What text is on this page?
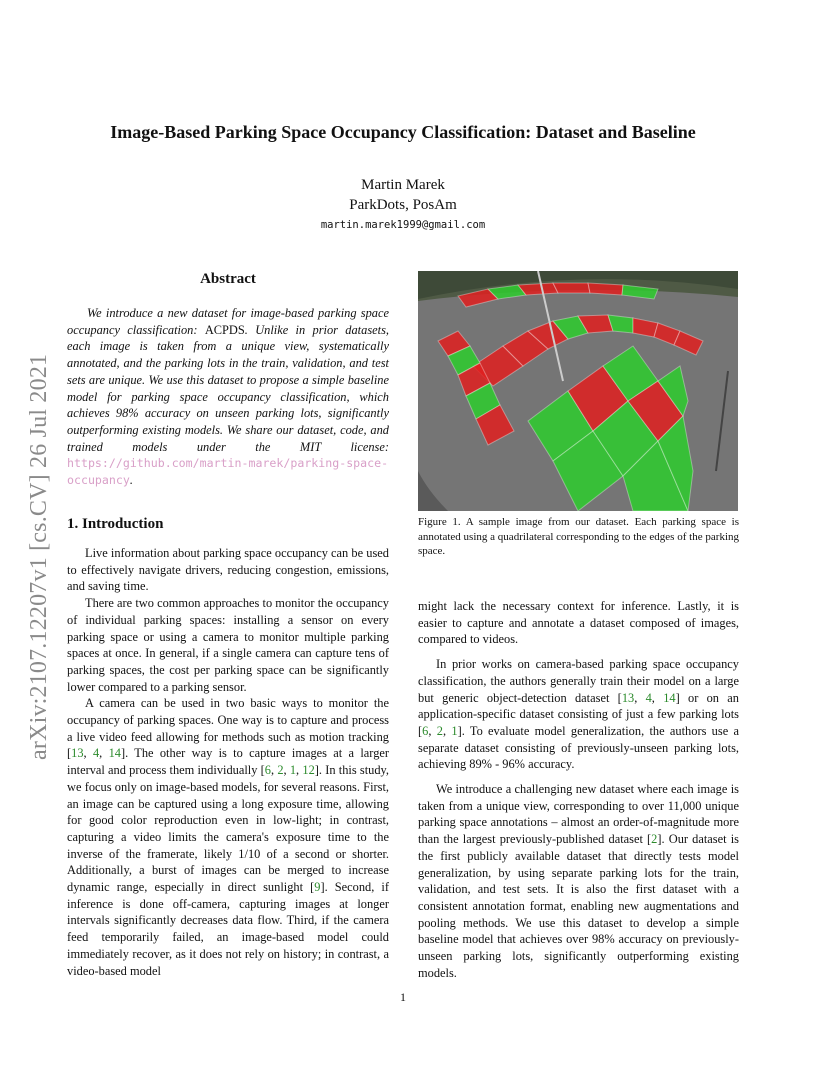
arXiv:2107.12207v1 [cs.CV] 26 Jul 2021
Image-Based Parking Space Occupancy Classification: Dataset and Baseline
Martin Marek
ParkDots, PosAm
martin.marek1999@gmail.com
Abstract

We introduce a new dataset for image-based parking space occupancy classification: ACPDS. Unlike in prior datasets, each image is taken from a unique view, systematically annotated, and the parking lots in the train, validation, and test sets are unique. We use this dataset to propose a simple baseline model for parking space occupancy classification, which achieves 98% accuracy on unseen parking lots, significantly outperforming existing models. We share our dataset, code, and trained models under the MIT license: https://github.com/martin-marek/parking-space-occupancy.

1. Introduction

Live information about parking space occupancy can be used to effectively navigate drivers, reducing congestion, emissions, and saving time.

There are two common approaches to monitor the occupancy of individual parking spaces: installing a sensor on every parking space or using a camera to monitor multiple parking spaces at once. In general, if a single camera can capture tens of parking spaces, the cost per parking space can be significantly lower compared to a parking sensor.

A camera can be used in two basic ways to monitor the occupancy of parking spaces. One way is to capture and process a live video feed allowing for methods such as motion tracking [13, 4, 14]. The other way is to capture images at a larger interval and process them individually [6, 2, 1, 12]. In this study, we focus only on image-based models, for several reasons. First, an image can be captured using a long exposure time, allowing for good color reproduction even in low-light; in contrast, capturing a video limits the camera's exposure time to the inverse of the framerate, likely 1/10 of a second or shorter. Additionally, a burst of images can be merged to increase dynamic range, especially in direct sunlight [9]. Second, if inference is done off-camera, capturing images at longer intervals significantly decreases data flow. Third, if the camera feed temporarily failed, an image-based model could immediately recover, as it does not rely on history; in contrast, a video-based model

Figure 1. A sample image from our dataset. Each parking space is annotated using a quadrilateral corresponding to the edges of the parking space.

might lack the necessary context for inference. Lastly, it is easier to capture and annotate a dataset composed of images, compared to videos.

In prior works on camera-based parking space occupancy classification, the authors generally train their model on a large but generic object-detection dataset [13, 4, 14] or on an application-specific dataset consisting of just a few parking lots [6, 2, 1]. To evaluate model generalization, the authors use a separate dataset consisting of previously-unseen parking lots, achieving 89% - 96% accuracy.

We introduce a challenging new dataset where each image is taken from a unique view, corresponding to over 11,000 unique parking space annotations – almost an order-of-magnitude more than the largest previously-published dataset [2]. Our dataset is the first publicly available dataset that directly tests model generalization, by using separate parking lots for the train, validation, and test sets. It is also the first dataset with a consistent annotation format, enabling new augmentations and pooling methods. We use this dataset to develop a simple baseline model that achieves over 98% accuracy on previously-unseen parking lots, significantly outperforming existing models.

1
